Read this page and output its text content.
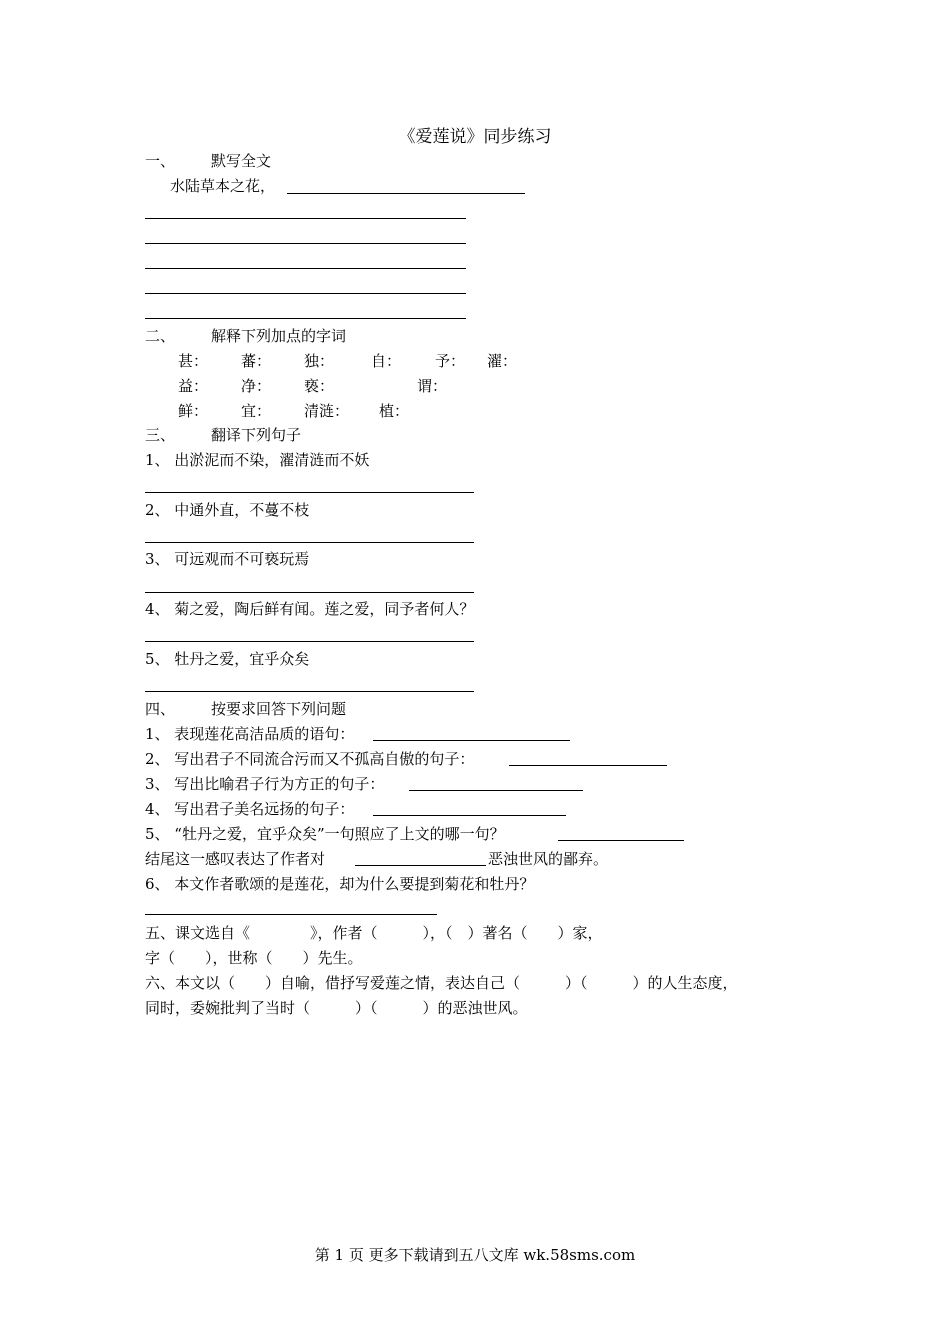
《爱莲说》同步练习
一、 默写全文
水陆草本之花，
二、 解释下列加点的字词
甚： 蕃： 独： 自： 予： 濯：
益： 净： 亵：	谓：
鲜： 宜： 清涟： 植：
三、 翻译下列句子
1、 出淤泥而不染，濯清涟而不妖
2、 中通外直，不蔓不枝
3、 可远观而不可亵玩焉
4、 菊之爱，陶后鲜有闻。莲之爱，同予者何人？
5、 牡丹之爱，宜乎众矣
四、 按要求回答下列问题
1、 表现莲花高洁品质的语句：
2、 写出君子不同流合污而又不孤高自傲的句子：
3、 写出比喻君子行为方正的句子：
4、 写出君子美名远扬的句子：
5、 “牡丹之爱，宜乎众矣”一句照应了上文的哪一句？
结尾这一感叹表达了作者对	恶浊世风的鄙弃。
6、 本文作者歌颂的是莲花，却为什么要提到菊花和牡丹？
五、课文选自《　　　　》，作者（　　　），（　）著名（　　）家，
字（　　），世称（　　）先生。
六、本文以（　　）自喻，借抒写爱莲之情，表达自己（　　　）（　　　）的人生态度，
同时，委婉批判了当时（　　　）（　　　）的恶浊世风。
第 1 页 更多下载请到五八文库 wk.58sms.com
